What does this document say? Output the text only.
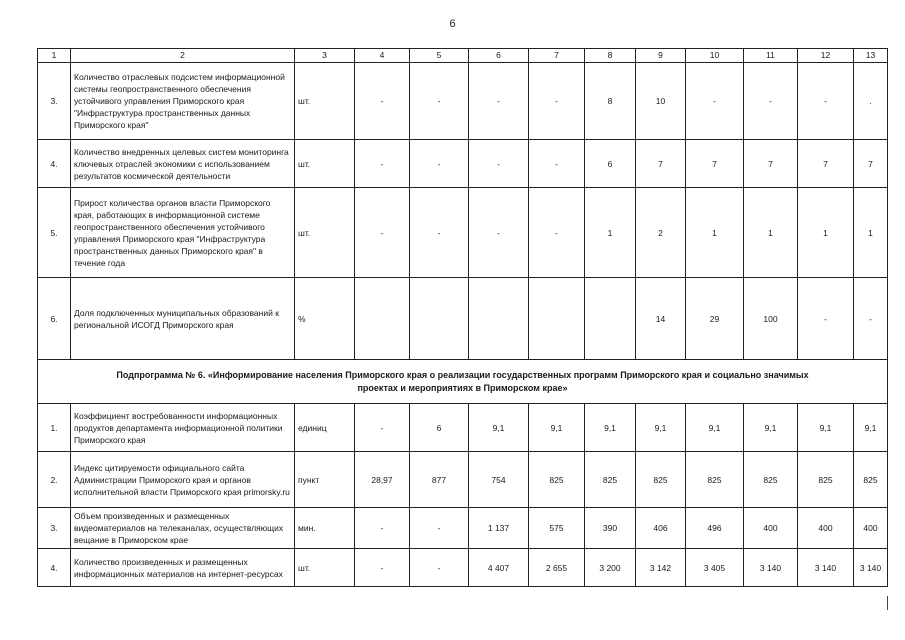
6
1	2	3	4	5	6	7	8	9	10	11	12	13
3.	Количество отраслевых подсистем информационной системы геопространственного обеспечения устойчивого управления Приморского края "Инфраструктура пространственных данных Приморского края"	шт.	-	-	-	-	8	10	-	-	-	.
4.	Количество внедренных целевых систем мониторинга ключевых отраслей экономики с использованием результатов космической деятельности	шт.	-	-	-	-	6	7	7	7	7	7
5.	Прирост количества органов власти Приморского края, работающих в информационной системе геопространственного обеспечения устойчивого управления Приморского края "Инфраструктура пространственных данных Приморского края" в течение года	шт.	-	-	-	-	1	2	1	1	1	1
6.	Доля подключенных муниципальных образований к региональной ИСОГД Приморского края	%						14	29	100	-	-
Подпрограмма № 6. «Информирование населения Приморского края о реализации государственных программ Приморского края и социально значимых проектах и мероприятиях в Приморском крае»												
1.	Коэффициент востребованности информационных продуктов департамента информационной политики Приморского края	единиц	-	6	9,1	9,1	9,1	9,1	9,1	9,1	9,1	9,1
2.	Индекс цитируемости официального сайта Администрации Приморского края и органов исполнительной власти Приморского края primorsky.ru	пункт	28,97	877	754	825	825	825	825	825	825	825
3.	Объем произведенных и размещенных видеоматериалов на телеканалах, осуществляющих вещание в Приморском крае	мин.	-	-	1 137	575	390	406	496	400	400	400
4.	Количество произведенных и размещенных информационных материалов на интернет-ресурсах	шт.	-	-	4 407	2 655	3 200	3 142	3 405	3 140	3 140	3 140
